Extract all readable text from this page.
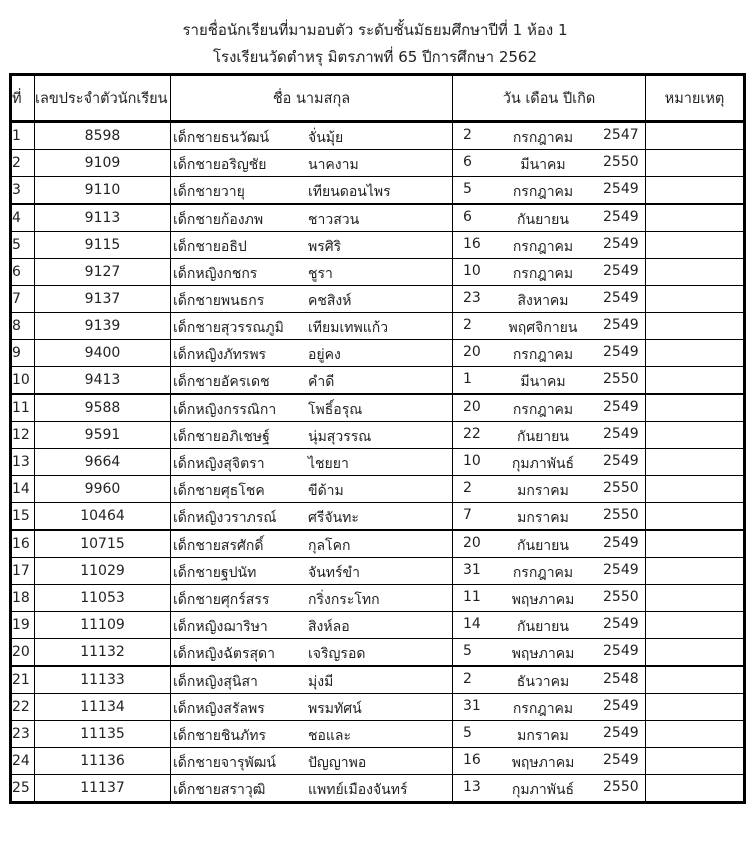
รายชื่อนักเรียนที่มามอบตัว ระดับชั้นมัธยมศึกษาปีที่ 1 ห้อง 1
โรงเรียนวัดตำหรุ มิตรภาพที่ 65 ปีการศึกษา 2562
ที่	เลขประจำตัวนักเรียน	ชื่อ นามสกุล	วัน เดือน ปีเกิด	หมายเหตุ
1	8598	เด็กชายธนวัฒน์ จั่นมุ้ย	2 กรกฎาคม 2547	

2	9109	เด็กชายอริญชัย นาคงาม	6 มีนาคม 2550	

3	9110	เด็กชายวายุ เทียนดอนไพร	5 กรกฎาคม 2549	

4	9113	เด็กชายก้องภพ ชาวสวน	6 กันยายน 2549	

5	9115	เด็กชายอธิป พรศิริ	16 กรกฎาคม 2549	

6	9127	เด็กหญิงกชกร ชูรา	10 กรกฎาคม 2549	

7	9137	เด็กชายพนธกร คชสิงห์	23 สิงหาคม 2549	

8	9139	เด็กชายสุวรรณภูมิ เทียมเทพแก้ว	2 พฤศจิกายน 2549	

9	9400	เด็กหญิงภัทรพร อยู่คง	20 กรกฎาคม 2549	

10	9413	เด็กชายอัครเดช คำดี	1 มีนาคม 2550	

11	9588	เด็กหญิงกรรณิกา โพธิ์อรุณ	20 กรกฎาคม 2549	

12	9591	เด็กชายอภิเชษฐ์ นุ่มสุวรรณ	22 กันยายน 2549	

13	9664	เด็กหญิงสุจิตรา ไชยยา	10 กุมภาพันธ์ 2549	

14	9960	เด็กชายศุธโชค ขีด้าม	2 มกราคม 2550	

15	10464	เด็กหญิงวราภรณ์ ศรีจันทะ	7 มกราคม 2550	

16	10715	เด็กชายสรศักดิ์ กุลโคก	20 กันยายน 2549	

17	11029	เด็กชายฐปนัท จันทร์ขำ	31 กรกฎาคม 2549	

18	11053	เด็กชายศุกร์สรร กริ่งกระโทก	11 พฤษภาคม 2550	

19	11109	เด็กหญิงฌาริษา สิงห์ลอ	14 กันยายน 2549	

20	11132	เด็กหญิงฉัตรสุดา เจริญรอด	5 พฤษภาคม 2549	

21	11133	เด็กหญิงสุนิสา มุ่งมี	2 ธันวาคม 2548	

22	11134	เด็กหญิงสรัลพร พรมทัศน์	31 กรกฎาคม 2549	

23	11135	เด็กชายชินภัทร ชอและ	5 มกราคม 2549	

24	11136	เด็กชายจารุพัฒน์ ปัญญาพอ	16 พฤษภาคม 2549	

25	11137	เด็กชายสราวุฒิ แพทย์เมืองจันทร์	13 กุมภาพันธ์ 2550	
